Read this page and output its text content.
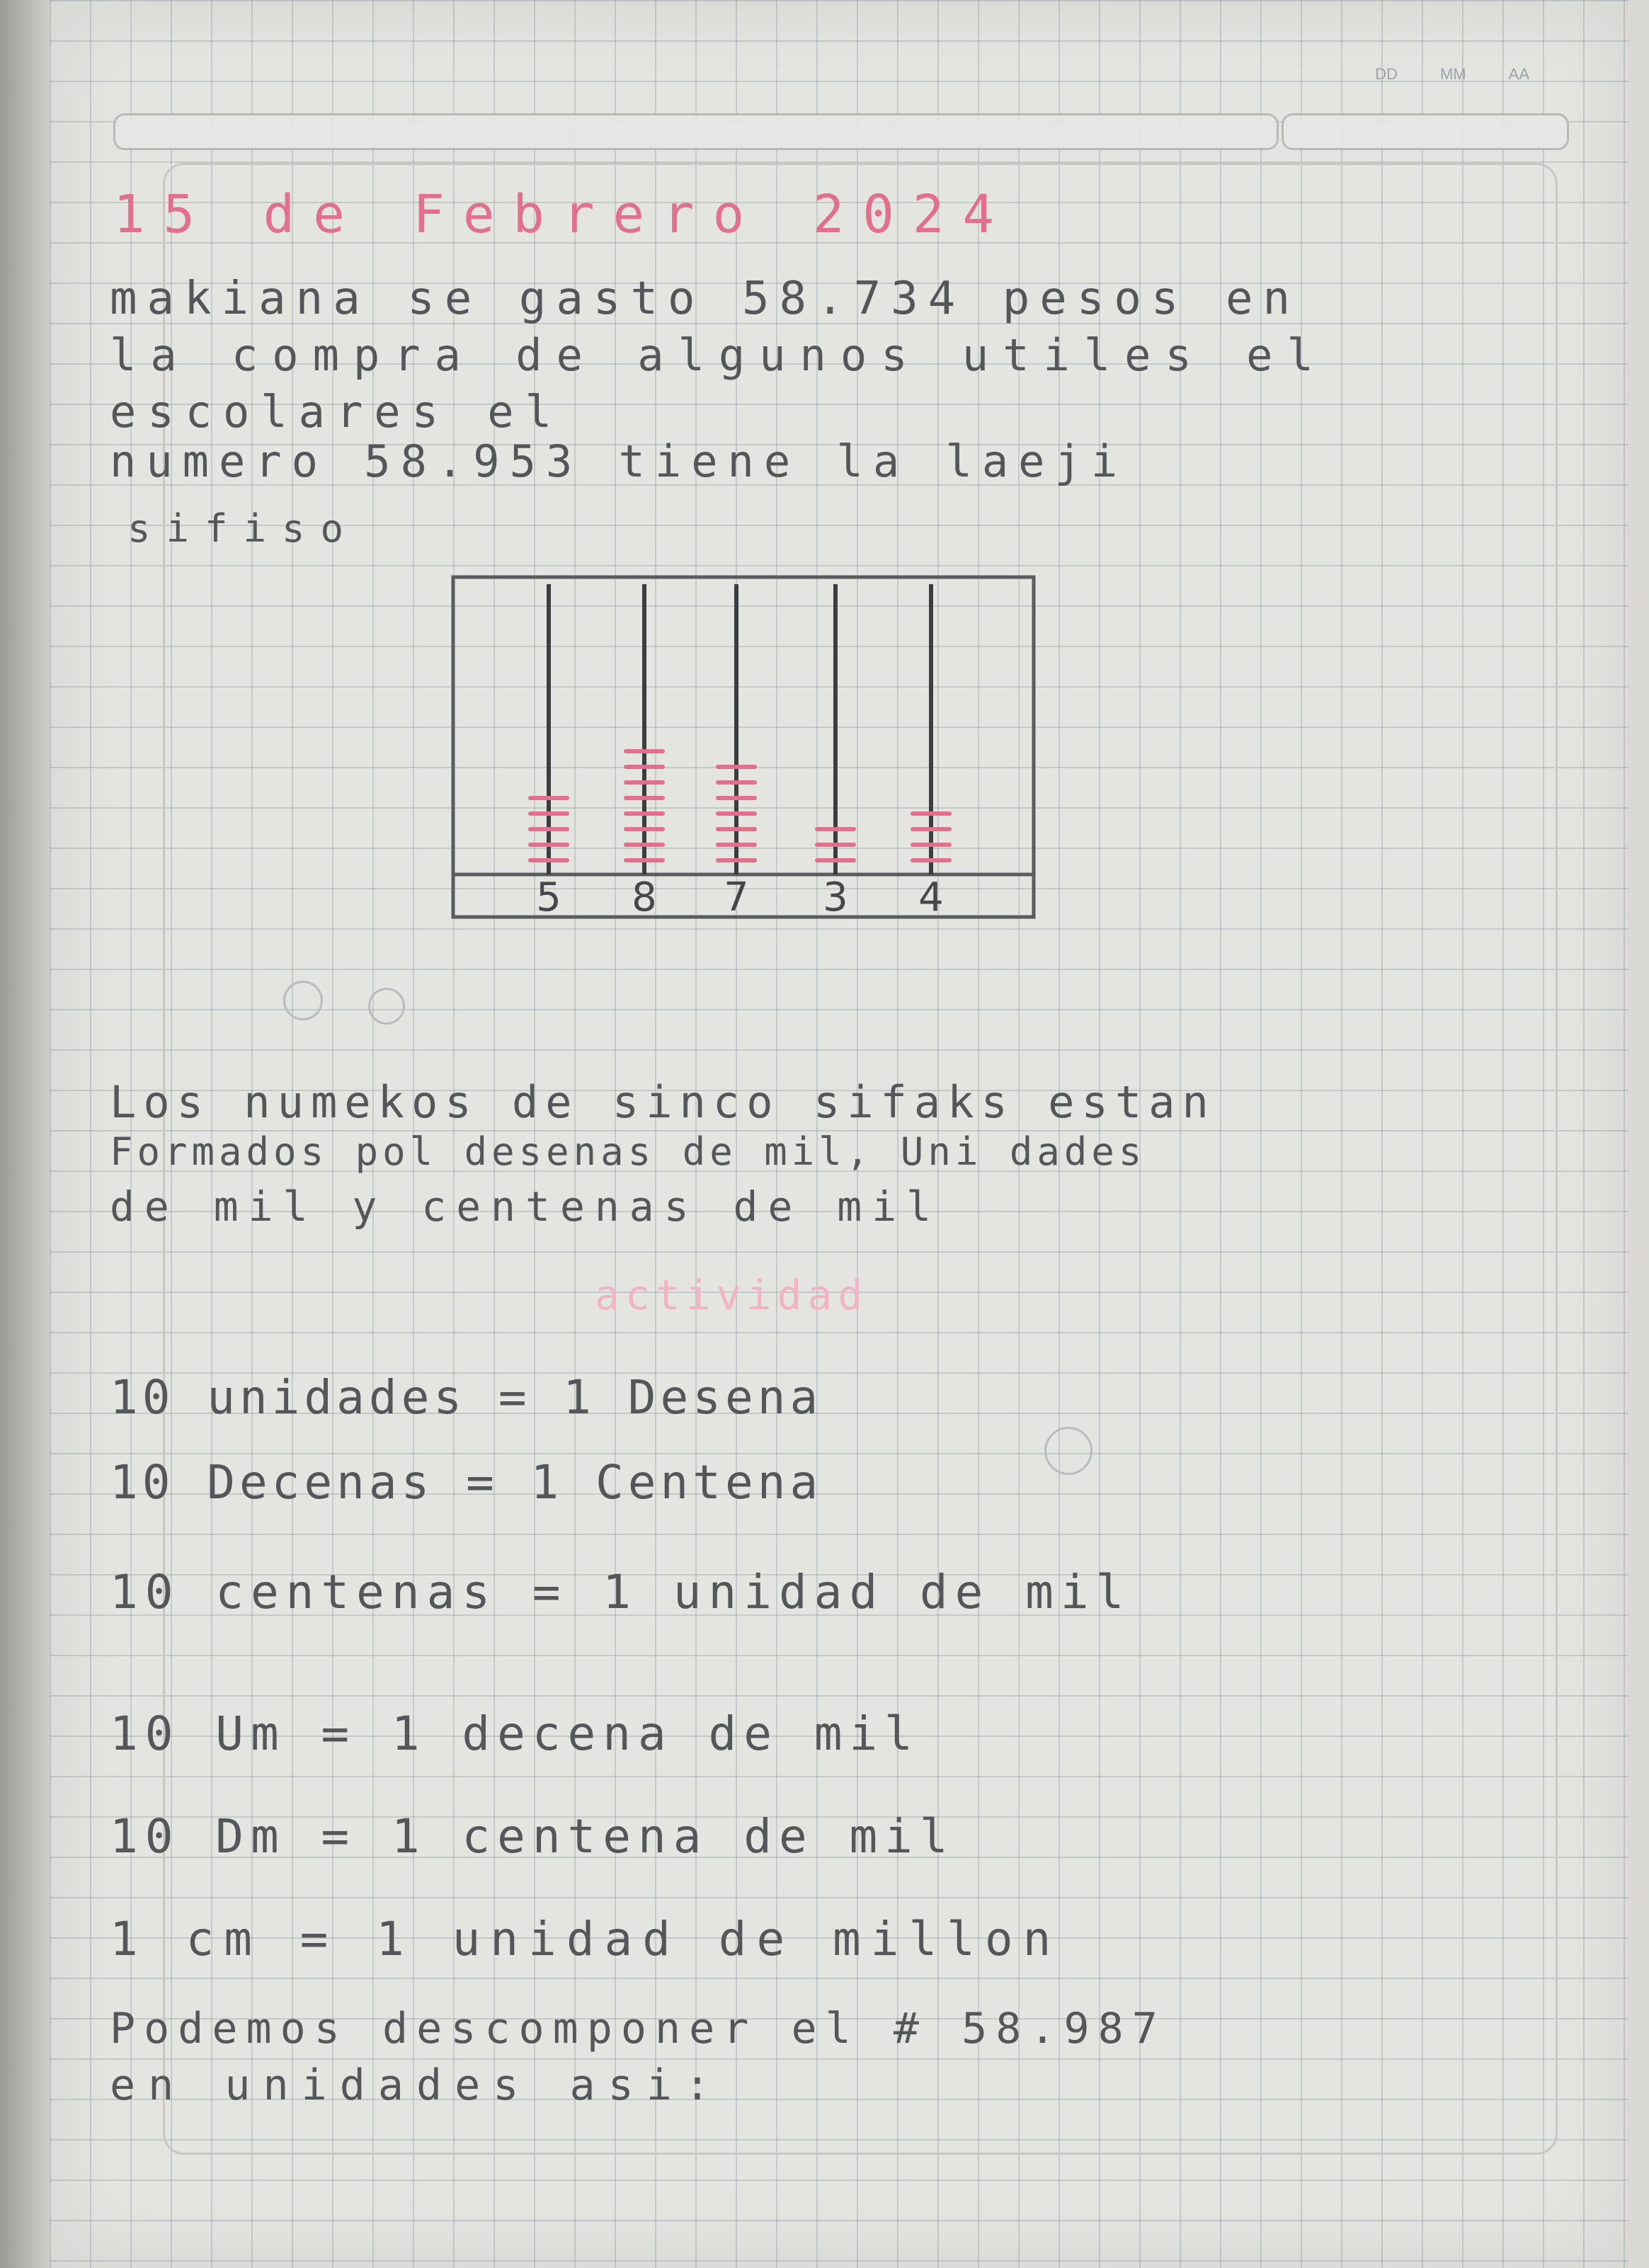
DD	MM	AA
15 de Febrero 2024
makiana se gasto 58.734 pesos en
la compra de algunos utiles el
escolares el
numero 58.953 tiene la laeji
sifiso
Los numekos de sinco sifaks estan
Formados pol desenas de mil, Uni dades
de mil y centenas de mil
actividad
10 unidades = 1 Desena
10 Decenas = 1 Centena
10 centenas = 1 unidad de mil
10 Um = 1 decena de mil
10 Dm = 1 centena de mil
1 cm = 1 unidad de millon
Podemos descomponer el # 58.987
en unidades asi:
5 8 7 3 4
